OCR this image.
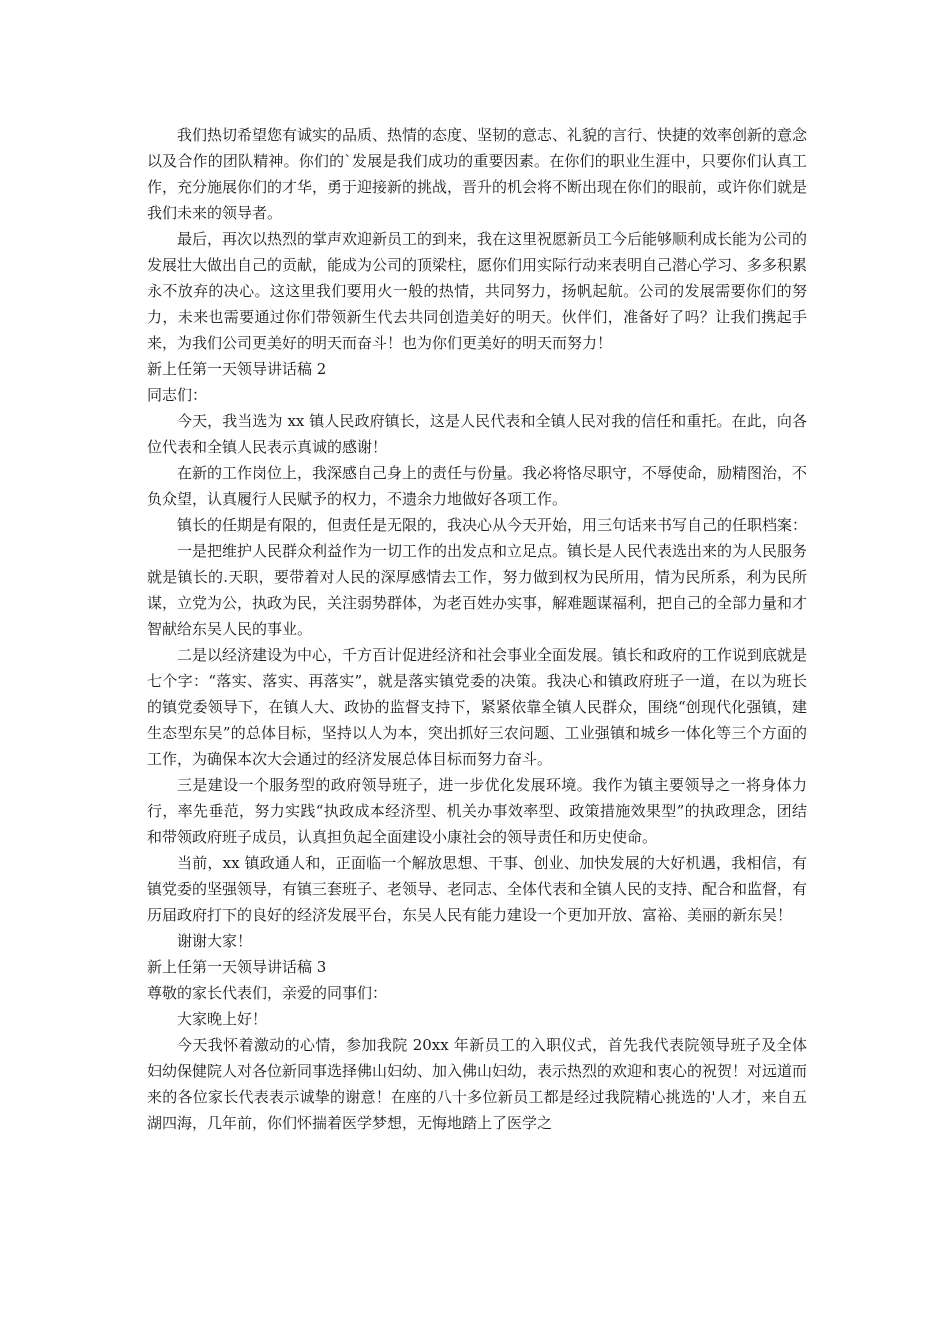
我们热切希望您有诚实的品质、热情的态度、坚韧的意志、礼貌的言行、快捷的效率创新的意念以及合作的团队精神。你们的`发展是我们成功的重要因素。在你们的职业生涯中，只要你们认真工作，充分施展你们的才华，勇于迎接新的挑战，晋升的机会将不断出现在你们的眼前，或许你们就是我们未来的领导者。

最后，再次以热烈的掌声欢迎新员工的到来，我在这里祝愿新员工今后能够顺利成长能为公司的发展壮大做出自己的贡献，能成为公司的顶梁柱，愿你们用实际行动来表明自己潜心学习、多多积累永不放弃的决心。这这里我们要用火一般的热情，共同努力，扬帆起航。公司的发展需要你们的努力，未来也需要通过你们带领新生代去共同创造美好的明天。伙伴们，准备好了吗？让我们携起手来，为我们公司更美好的明天而奋斗！也为你们更美好的明天而努力！

新上任第一天领导讲话稿 2

同志们：

今天，我当选为 xx 镇人民政府镇长，这是人民代表和全镇人民对我的信任和重托。在此，向各位代表和全镇人民表示真诚的感谢！

在新的工作岗位上，我深感自己身上的责任与份量。我必将恪尽职守，不辱使命，励精图治，不负众望，认真履行人民赋予的权力，不遗余力地做好各项工作。

镇长的任期是有限的，但责任是无限的，我决心从今天开始，用三句话来书写自己的任职档案：

一是把维护人民群众利益作为一切工作的出发点和立足点。镇长是人民代表选出来的为人民服务就是镇长的.天职，要带着对人民的深厚感情去工作，努力做到权为民所用，情为民所系，利为民所谋，立党为公，执政为民，关注弱势群体，为老百姓办实事，解难题谋福利，把自己的全部力量和才智献给东吴人民的事业。

二是以经济建设为中心，千方百计促进经济和社会事业全面发展。镇长和政府的工作说到底就是七个字：“落实、落实、再落实”，就是落实镇党委的决策。我决心和镇政府班子一道，在以为班长的镇党委领导下，在镇人大、政协的监督支持下，紧紧依靠全镇人民群众，围绕“创现代化强镇，建生态型东吴”的总体目标，坚持以人为本，突出抓好三农问题、工业强镇和城乡一体化等三个方面的工作，为确保本次大会通过的经济发展总体目标而努力奋斗。

三是建设一个服务型的政府领导班子，进一步优化发展环境。我作为镇主要领导之一将身体力行，率先垂范，努力实践“执政成本经济型、机关办事效率型、政策措施效果型”的执政理念，团结和带领政府班子成员，认真担负起全面建设小康社会的领导责任和历史使命。

当前，xx 镇政通人和，正面临一个解放思想、干事、创业、加快发展的大好机遇，我相信，有镇党委的坚强领导，有镇三套班子、老领导、老同志、全体代表和全镇人民的支持、配合和监督，有历届政府打下的良好的经济发展平台，东吴人民有能力建设一个更加开放、富裕、美丽的新东吴！

谢谢大家！

新上任第一天领导讲话稿 3

尊敬的家长代表们，亲爱的同事们：

大家晚上好！

今天我怀着激动的心情，参加我院 20xx 年新员工的入职仪式，首先我代表院领导班子及全体妇幼保健院人对各位新同事选择佛山妇幼、加入佛山妇幼，表示热烈的欢迎和衷心的祝贺！对远道而来的各位家长代表表示诚挚的谢意！在座的八十多位新员工都是经过我院精心挑选的'人才，来自五湖四海，几年前，你们怀揣着医学梦想，无悔地踏上了医学之
